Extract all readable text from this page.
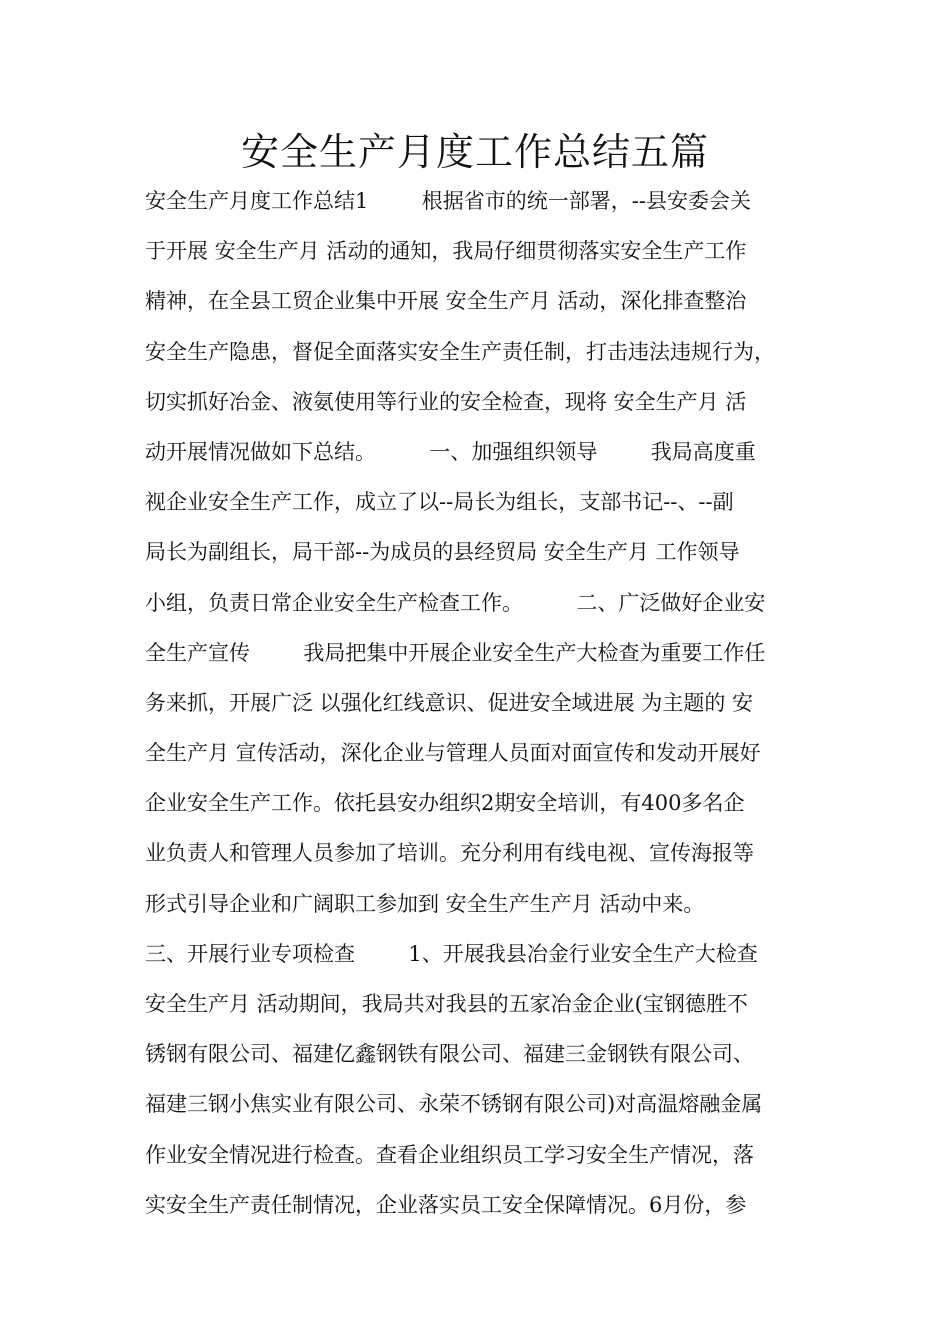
安全生产月度工作总结五篇
安全生产月度工作总结1        根据省市的统一部署，--县安委会关
于开展 安全生产月 活动的通知，我局仔细贯彻落实安全生产工作
精神，在全县工贸企业集中开展 安全生产月 活动，深化排查整治
安全生产隐患，督促全面落实安全生产责任制，打击违法违规行为，
切实抓好冶金、液氨使用等行业的安全检查，现将 安全生产月 活
动开展情况做如下总结。        一、加强组织领导        我局高度重
视企业安全生产工作，成立了以--局长为组长，支部书记--、--副
局长为副组长，局干部--为成员的县经贸局 安全生产月 工作领导
小组，负责日常企业安全生产检查工作。        二、广泛做好企业安
全生产宣传        我局把集中开展企业安全生产大检查为重要工作任
务来抓，开展广泛 以强化红线意识、促进安全域进展 为主题的 安
全生产月 宣传活动，深化企业与管理人员面对面宣传和发动开展好
企业安全生产工作。依托县安办组织2期安全培训，有400多名企
业负责人和管理人员参加了培训。充分利用有线电视、宣传海报等
形式引导企业和广阔职工参加到 安全生产生产月 活动中来。
三、开展行业专项检查        1、开展我县冶金行业安全生产大检查
安全生产月 活动期间，我局共对我县的五家冶金企业(宝钢德胜不
锈钢有限公司、福建亿鑫钢铁有限公司、福建三金钢铁有限公司、
福建三钢小焦实业有限公司、永荣不锈钢有限公司)对高温熔融金属
作业安全情况进行检查。查看企业组织员工学习安全生产情况，落
实安全生产责任制情况，企业落实员工安全保障情况。6月份，参
